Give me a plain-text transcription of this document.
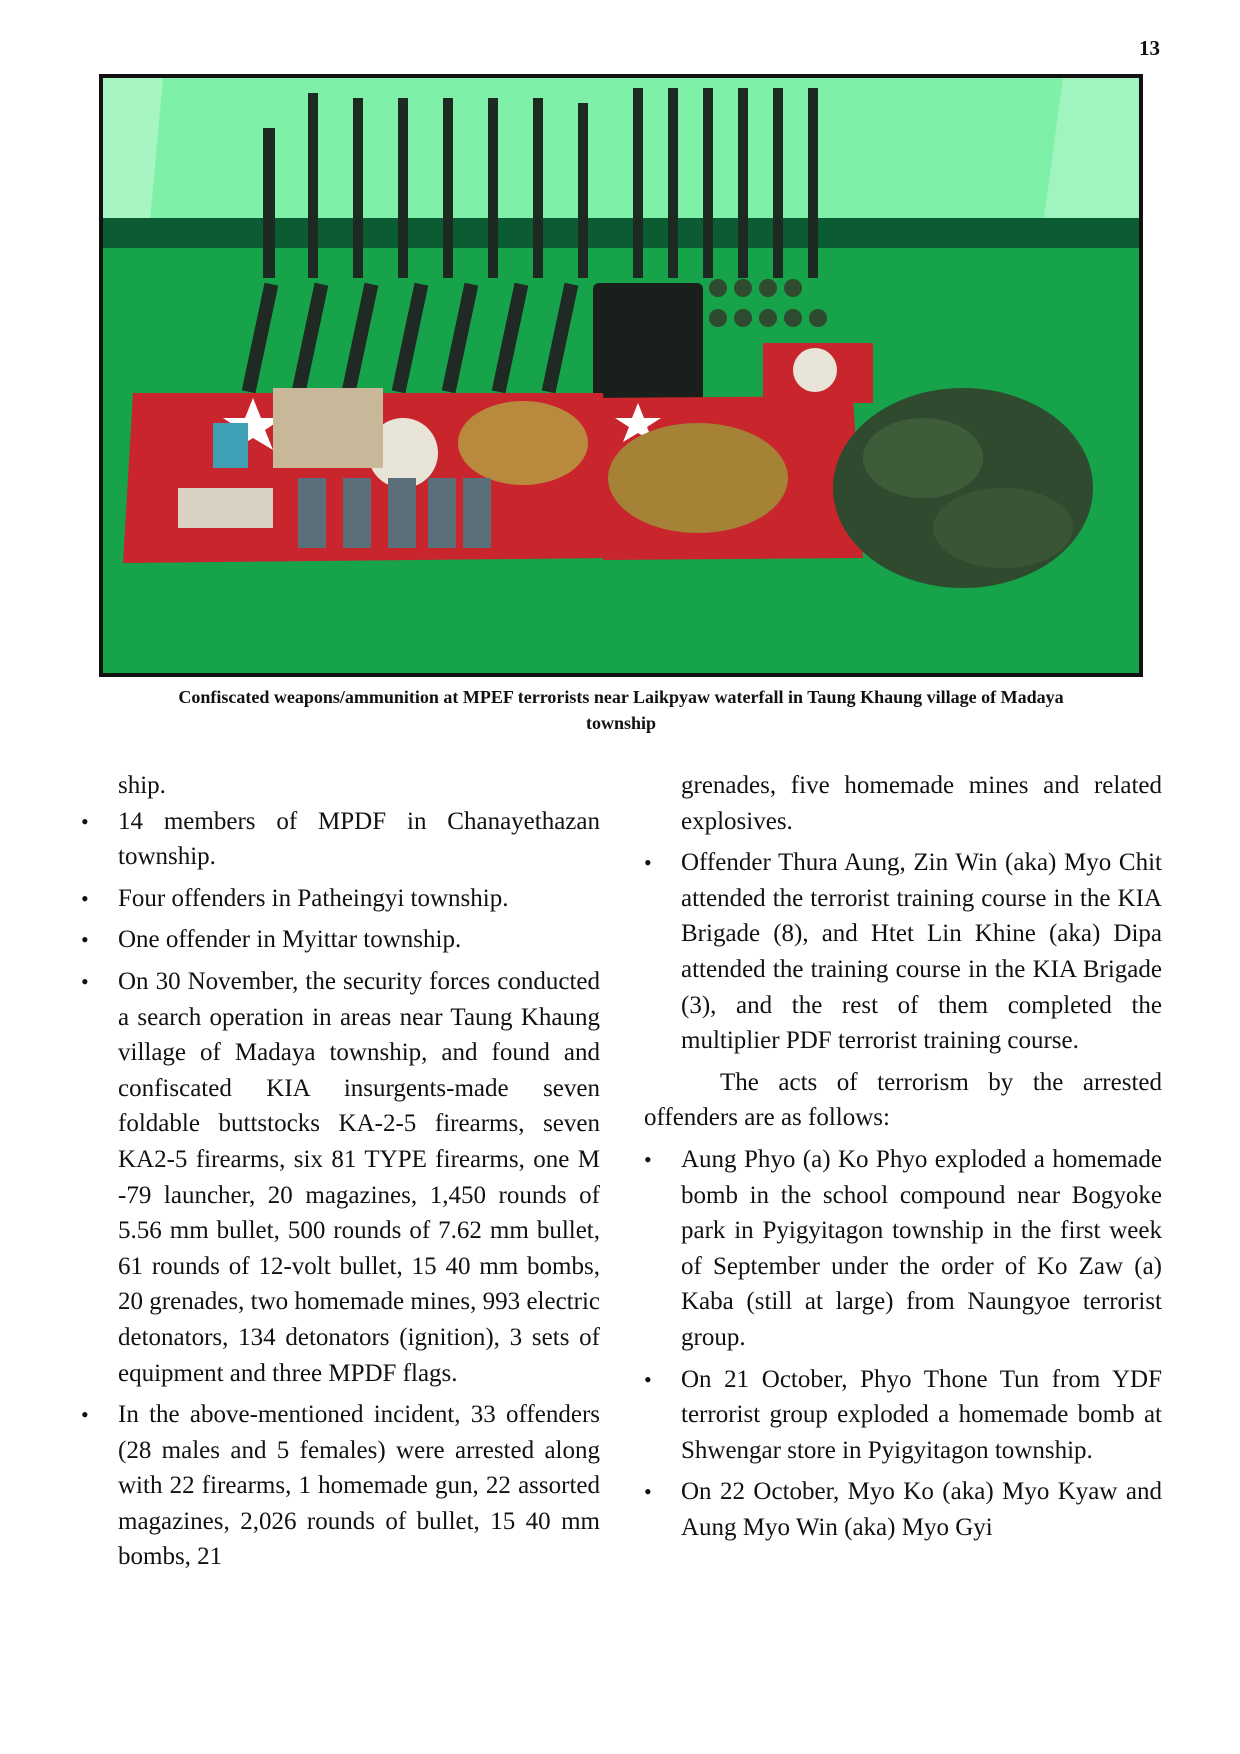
13
Confiscated weapons/ammunition at MPEF terrorists near Laikpyaw waterfall in Taung Khaung village of Madaya
township

ship.

• 14 members of MPDF in Chanayethazan township.
• Four offenders in Patheingyi township.
• One offender in Myittar township.
• On 30 November, the security forces conducted a search operation in areas near Taung Khaung village of Madaya township, and found and confiscated KIA insurgents-made seven foldable buttstocks KA-2-5 firearms, seven KA2-5 firearms, six 81 TYPE firearms, one M -79 launcher, 20 magazines, 1,450 rounds of 5.56 mm bullet, 500 rounds of 7.62 mm bullet, 61 rounds of 12-volt bullet, 15 40 mm bombs, 20 grenades, two homemade mines, 993 electric detonators, 134 detonators (ignition), 3 sets of equipment and three MPDF flags.
• In the above-mentioned incident, 33 offenders (28 males and 5 females) were arrested along with 22 firearms, 1 homemade gun, 22 assorted magazines, 2,026 rounds of bullet, 15 40 mm bombs, 21

grenades, five homemade mines and related explosives.

• Offender Thura Aung, Zin Win (aka) Myo Chit attended the terrorist training course in the KIA Brigade (8), and Htet Lin Khine (aka) Dipa attended the training course in the KIA Brigade (3), and the rest of them completed the multiplier PDF terrorist training course.

The acts of terrorism by the arrested offenders are as follows:

• Aung Phyo (a) Ko Phyo exploded a homemade bomb in the school compound near Bogyoke park in Pyigyitagon township in the first week of September under the order of Ko Zaw (a) Kaba (still at large) from Naungyoe terrorist group.
• On 21 October, Phyo Thone Tun from YDF terrorist group exploded a homemade bomb at Shwengar store in Pyigyitagon township.
• On 22 October, Myo Ko (aka) Myo Kyaw and Aung Myo Win (aka) Myo Gyi
